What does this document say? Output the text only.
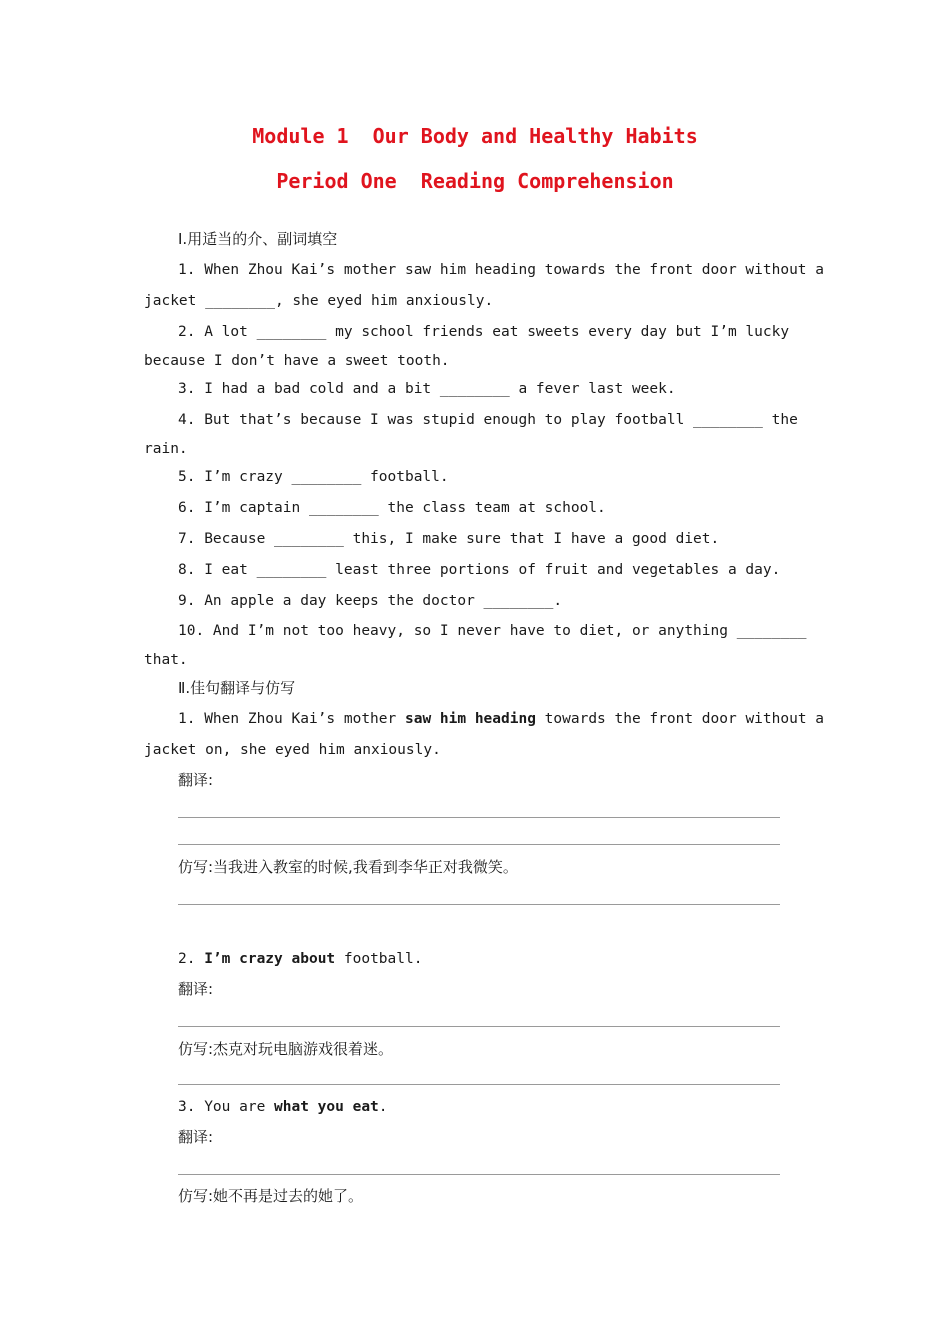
Module 1  Our Body and Healthy Habits
Period One  Reading Comprehension
Ⅰ.用适当的介、副词填空
1. When Zhou Kai’s mother saw him heading towards the front door without a
jacket ________, she eyed him anxiously.
2. A lot ________ my school friends eat sweets every day but I’m lucky
because I don’t have a sweet tooth.
3. I had a bad cold and a bit ________ a fever last week.
4. But that’s because I was stupid enough to play football ________ the
rain.
5. I’m crazy ________ football.
6. I’m captain ________ the class team at school.
7. Because ________ this, I make sure that I have a good diet.
8. I eat ________ least three portions of fruit and vegetables a day.
9. An apple a day keeps the doctor ________.
10. And I’m not too heavy, so I never have to diet, or anything ________
that.
Ⅱ.佳句翻译与仿写
1. When Zhou Kai’s mother saw him heading towards the front door without a
jacket on, she eyed him anxiously.
翻译:
仿写:当我进入教室的时候,我看到李华正对我微笑。
2. I’m crazy about football.
翻译:
仿写:杰克对玩电脑游戏很着迷。
3. You are what you eat.
翻译:
仿写:她不再是过去的她了。
